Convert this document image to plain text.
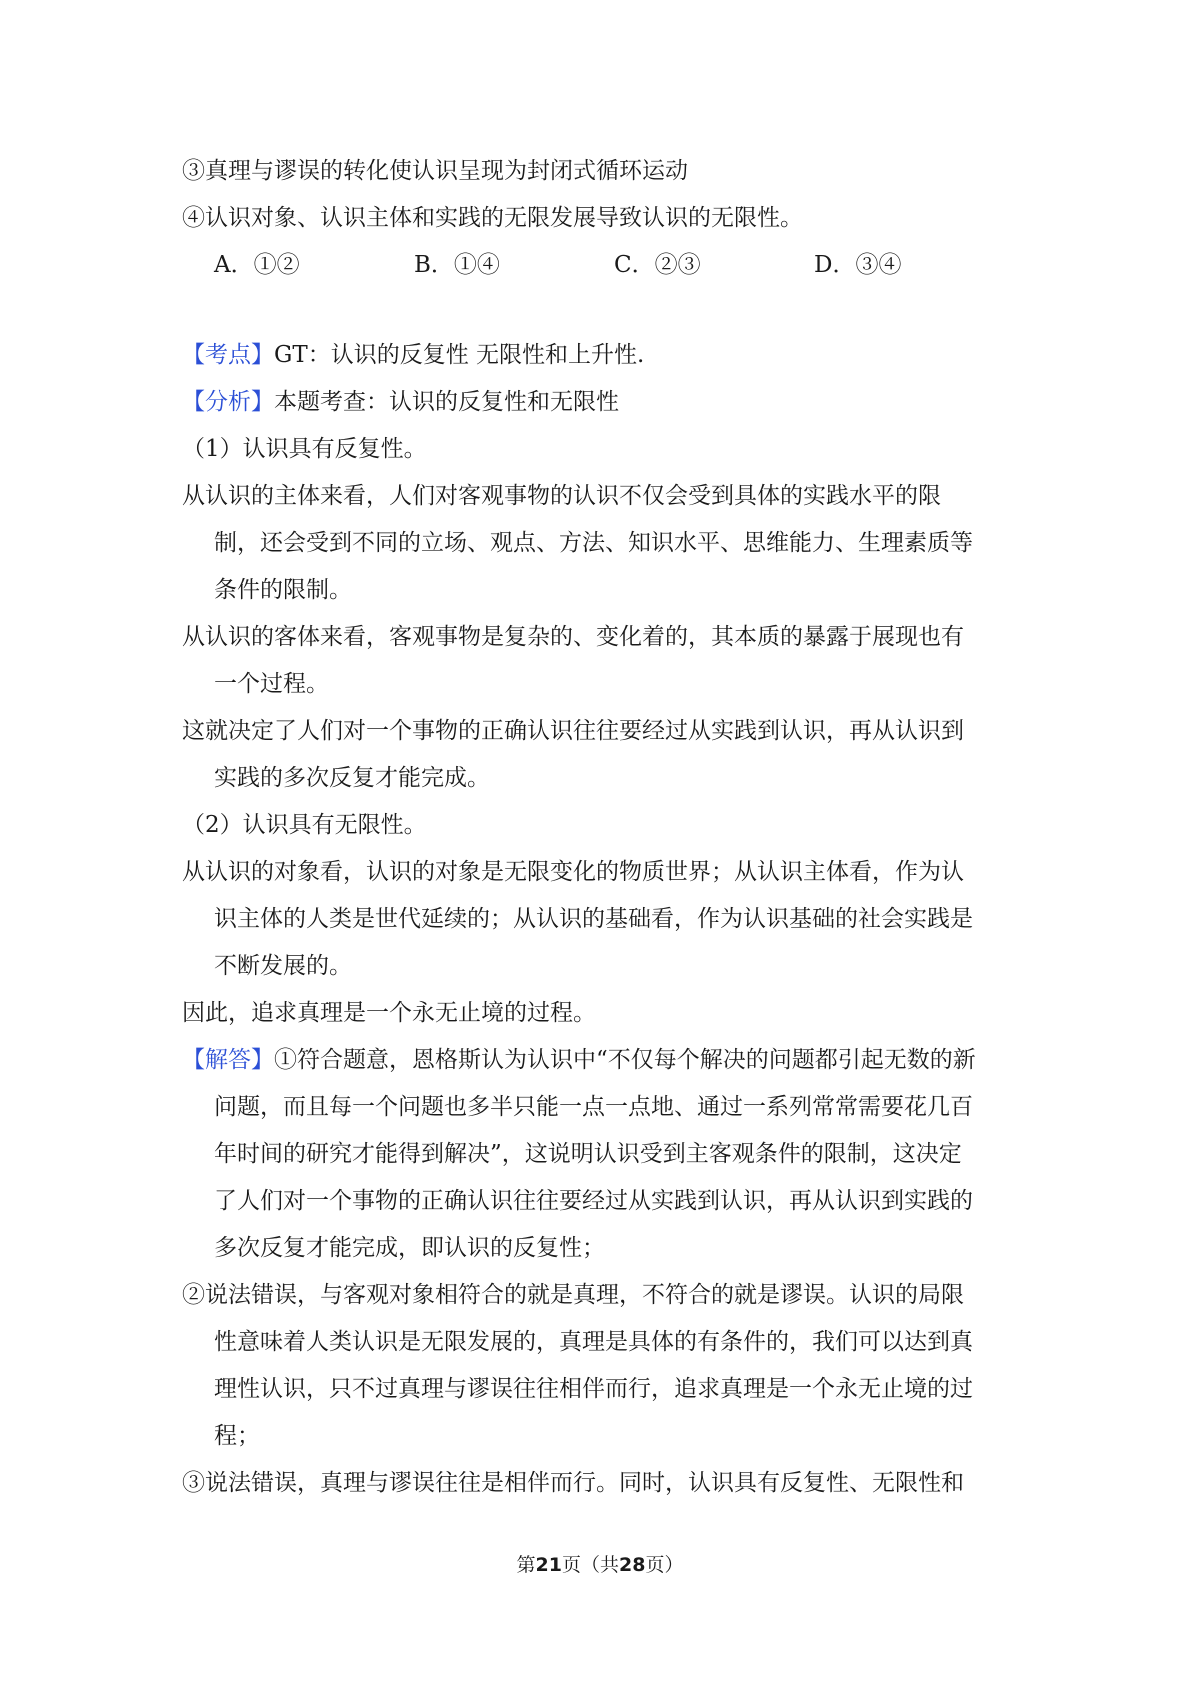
③真理与谬误的转化使认识呈现为封闭式循环运动
④认识对象、认识主体和实践的无限发展导致认识的无限性。
A．①②	B．①④	C．②③	D．③④
【考点】GT：认识的反复性 无限性和上升性.
【分析】本题考查：认识的反复性和无限性
（1）认识具有反复性。
从认识的主体来看，人们对客观事物的认识不仅会受到具体的实践水平的限
制，还会受到不同的立场、观点、方法、知识水平、思维能力、生理素质等
条件的限制。
从认识的客体来看，客观事物是复杂的、变化着的，其本质的暴露于展现也有
一个过程。
这就决定了人们对一个事物的正确认识往往要经过从实践到认识，再从认识到
实践的多次反复才能完成。
（2）认识具有无限性。
从认识的对象看，认识的对象是无限变化的物质世界；从认识主体看，作为认
识主体的人类是世代延续的；从认识的基础看，作为认识基础的社会实践是
不断发展的。
因此，追求真理是一个永无止境的过程。
【解答】①符合题意，恩格斯认为认识中“不仅每个解决的问题都引起无数的新
问题，而且每一个问题也多半只能一点一点地、通过一系列常常需要花几百
年时间的研究才能得到解决”，这说明认识受到主客观条件的限制，这决定
了人们对一个事物的正确认识往往要经过从实践到认识，再从认识到实践的
多次反复才能完成，即认识的反复性；
②说法错误，与客观对象相符合的就是真理，不符合的就是谬误。认识的局限
性意味着人类认识是无限发展的，真理是具体的有条件的，我们可以达到真
理性认识，只不过真理与谬误往往相伴而行，追求真理是一个永无止境的过
程；
③说法错误，真理与谬误往往是相伴而行。同时，认识具有反复性、无限性和
第21页（共28页）
